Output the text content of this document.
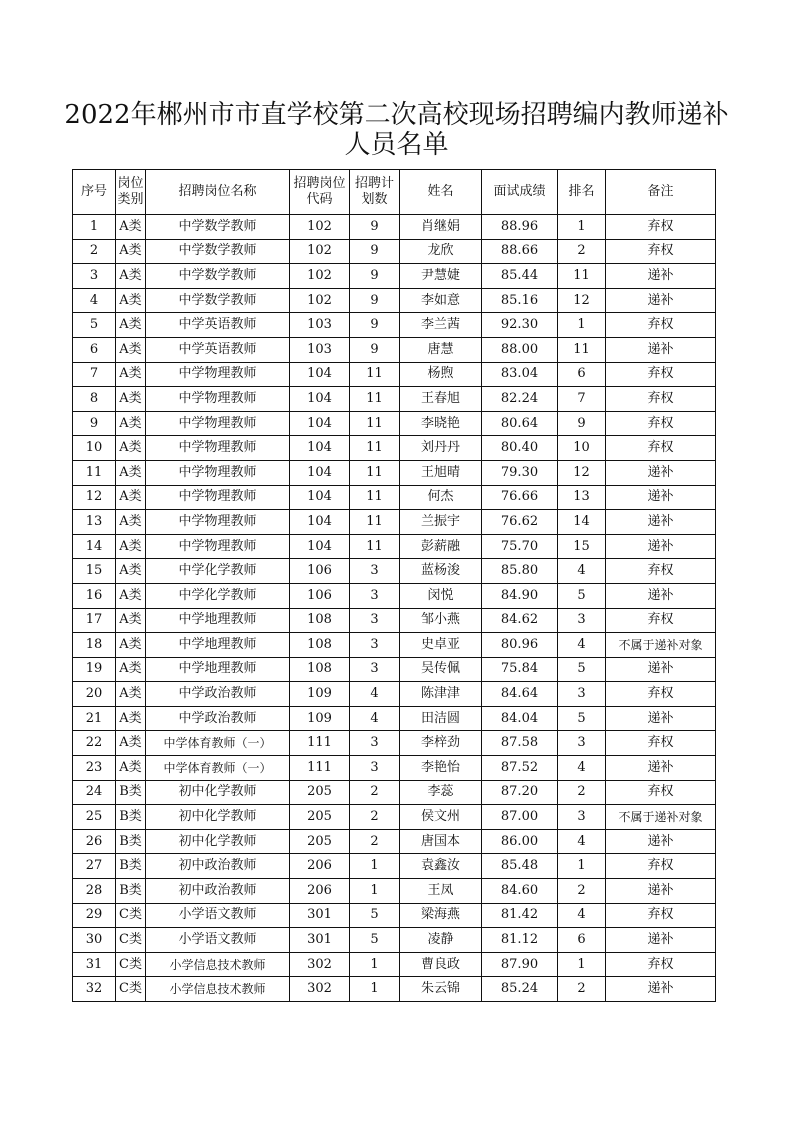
2022年郴州市市直学校第二次高校现场招聘编内教师递补
人员名单
序号	岗位类别	招聘岗位名称	招聘岗位代码	招聘计划数	姓名	面试成绩	排名	备注
1	A类	中学数学教师	102	9	肖继娟	88.96	1	弃权
2	A类	中学数学教师	102	9	龙欣	88.66	2	弃权
3	A类	中学数学教师	102	9	尹慧婕	85.44	11	递补
4	A类	中学数学教师	102	9	李如意	85.16	12	递补
5	A类	中学英语教师	103	9	李兰茜	92.30	1	弃权
6	A类	中学英语教师	103	9	唐慧	88.00	11	递补
7	A类	中学物理教师	104	11	杨煦	83.04	6	弃权
8	A类	中学物理教师	104	11	王春旭	82.24	7	弃权
9	A类	中学物理教师	104	11	李晓艳	80.64	9	弃权
10	A类	中学物理教师	104	11	刘丹丹	80.40	10	弃权
11	A类	中学物理教师	104	11	王旭晴	79.30	12	递补
12	A类	中学物理教师	104	11	何杰	76.66	13	递补
13	A类	中学物理教师	104	11	兰振宇	76.62	14	递补
14	A类	中学物理教师	104	11	彭薪融	75.70	15	递补
15	A类	中学化学教师	106	3	蓝杨浚	85.80	4	弃权
16	A类	中学化学教师	106	3	闵悦	84.90	5	递补
17	A类	中学地理教师	108	3	邹小燕	84.62	3	弃权
18	A类	中学地理教师	108	3	史卓亚	80.96	4	不属于递补对象
19	A类	中学地理教师	108	3	吴传佩	75.84	5	递补
20	A类	中学政治教师	109	4	陈津津	84.64	3	弃权
21	A类	中学政治教师	109	4	田洁圆	84.04	5	递补
22	A类	中学体育教师（一）	111	3	李梓劲	87.58	3	弃权
23	A类	中学体育教师（一）	111	3	李艳怡	87.52	4	递补
24	B类	初中化学教师	205	2	李蕊	87.20	2	弃权
25	B类	初中化学教师	205	2	侯文州	87.00	3	不属于递补对象
26	B类	初中化学教师	205	2	唐国本	86.00	4	递补
27	B类	初中政治教师	206	1	袁鑫汝	85.48	1	弃权
28	B类	初中政治教师	206	1	王凤	84.60	2	递补
29	C类	小学语文教师	301	5	梁海燕	81.42	4	弃权
30	C类	小学语文教师	301	5	凌静	81.12	6	递补
31	C类	小学信息技术教师	302	1	曹良政	87.90	1	弃权
32	C类	小学信息技术教师	302	1	朱云锦	85.24	2	递补
